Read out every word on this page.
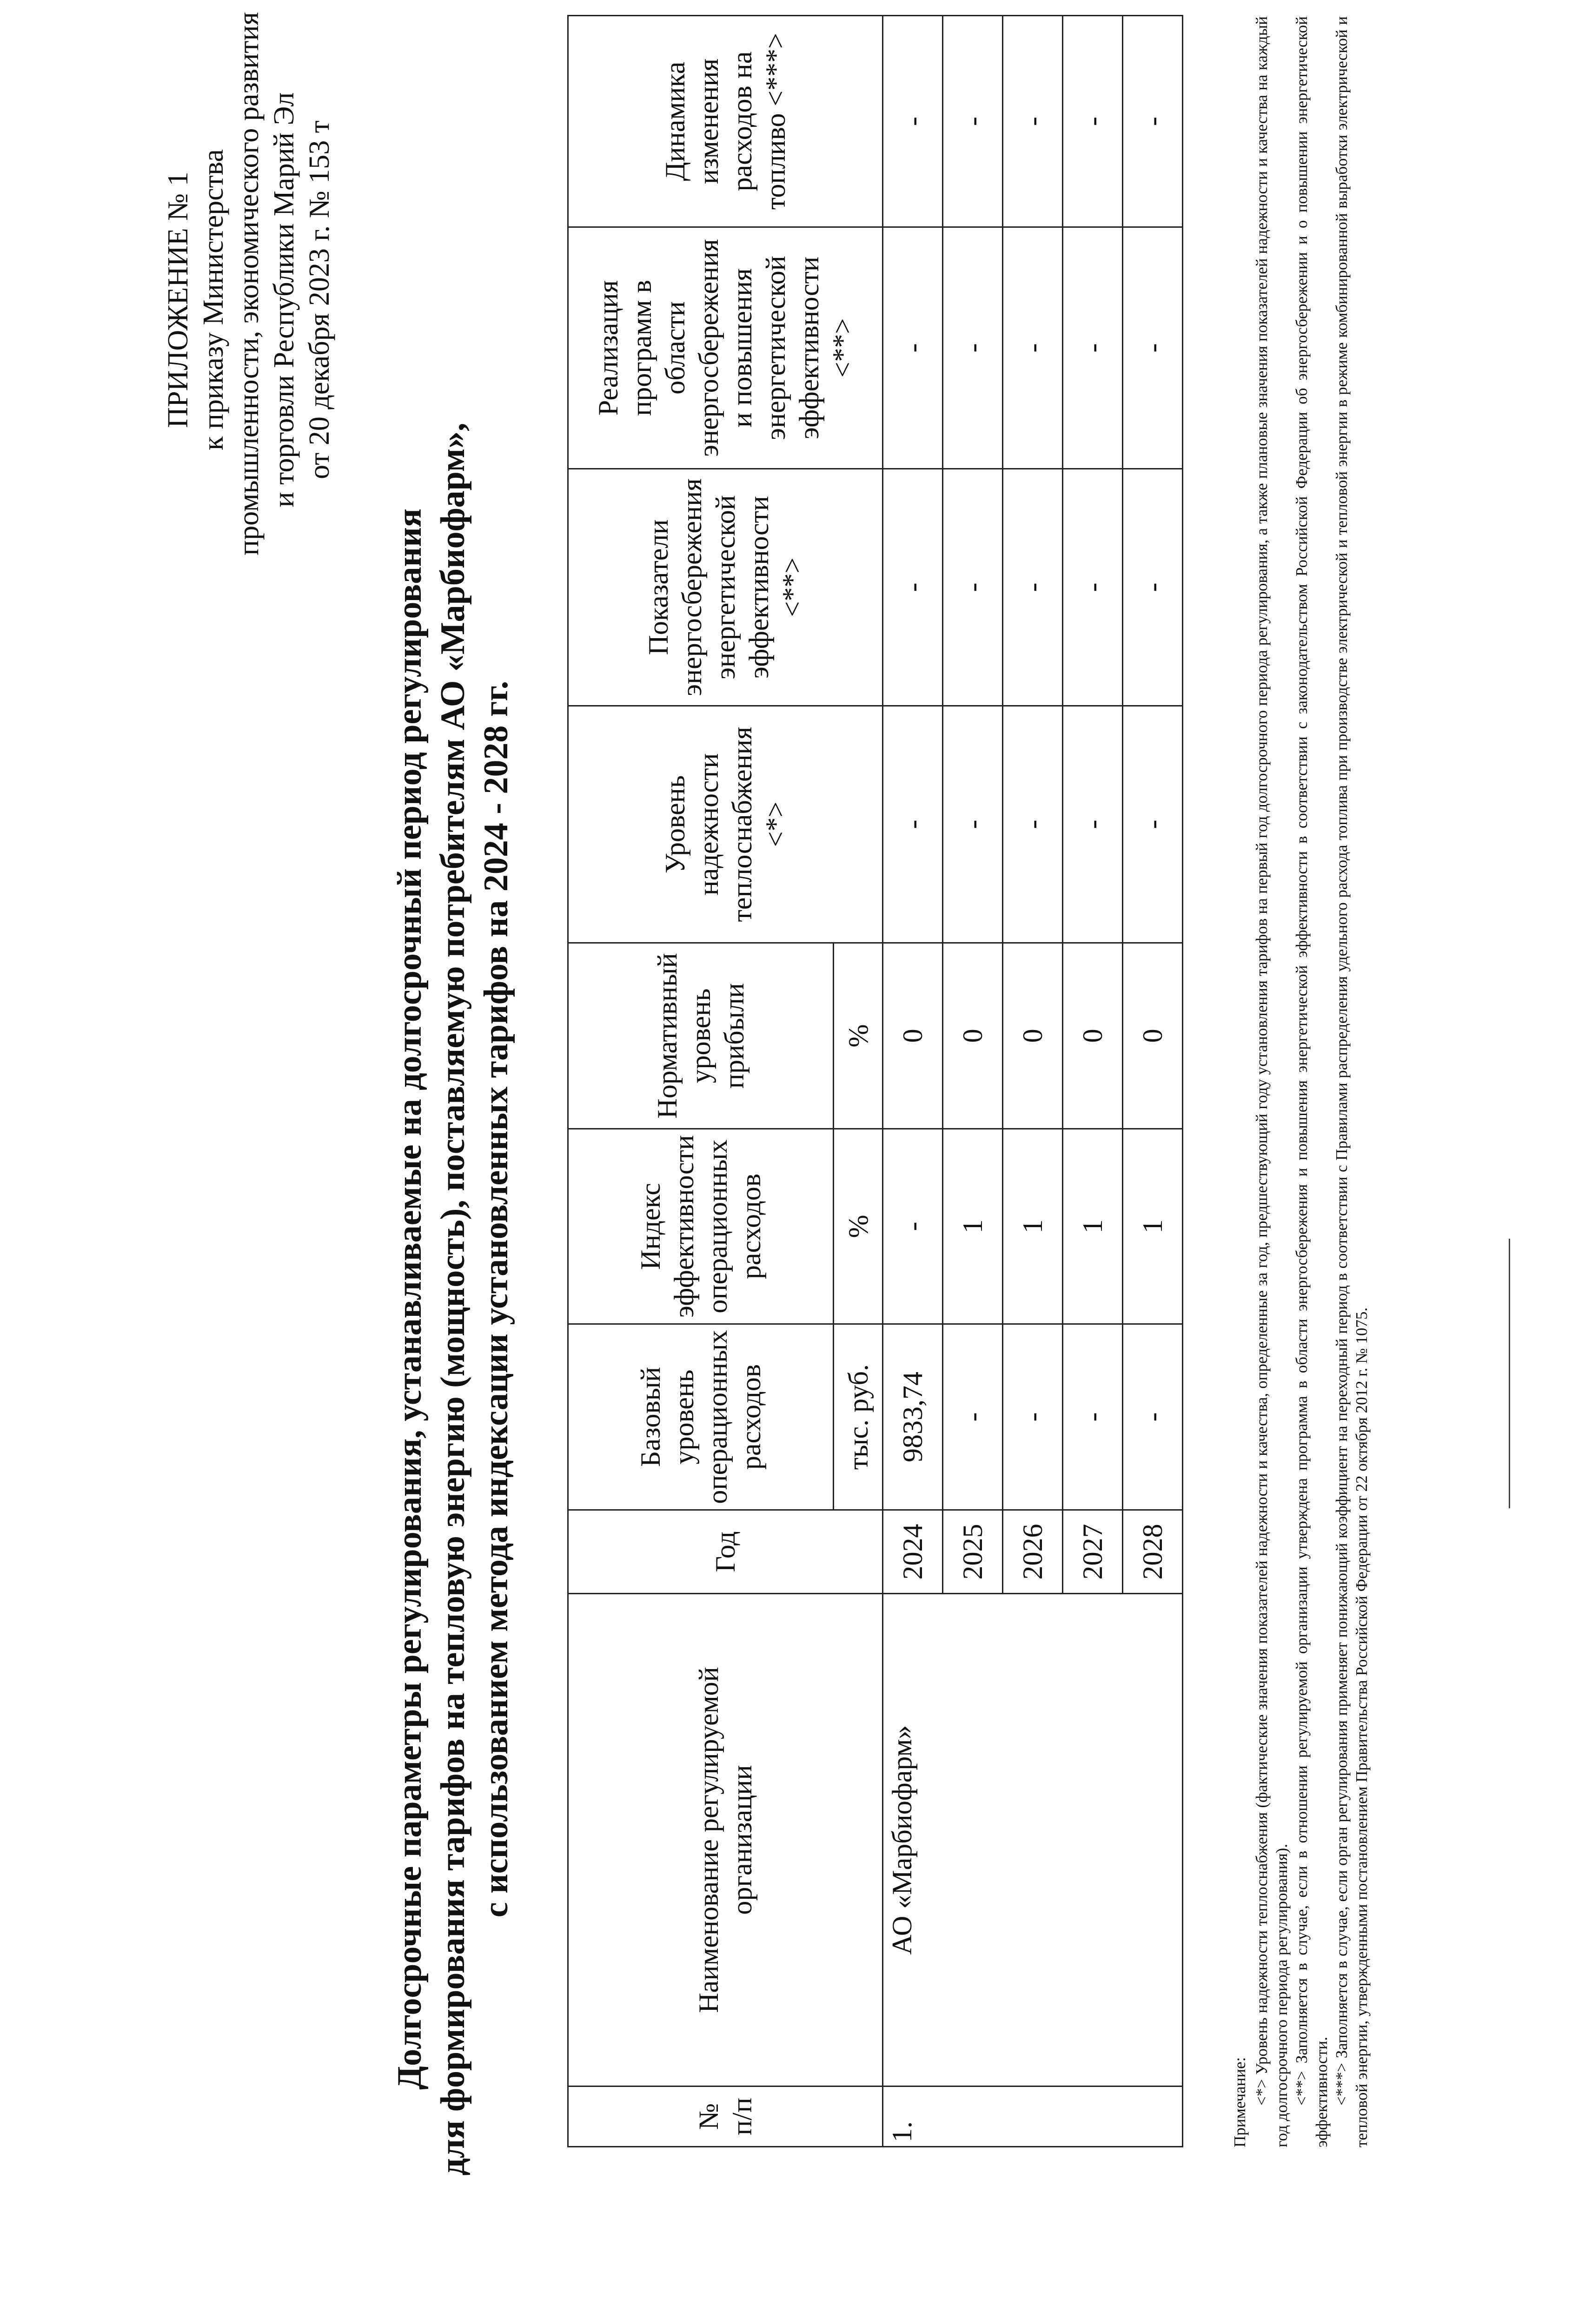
ПРИЛОЖЕНИЕ № 1 к приказу Министерства промышленности, экономического развития и торговли Республики Марий Эл от 20 декабря 2023 г. № 153 т
Долгосрочные параметры регулирования, устанавливаемые на долгосрочный период регулирования для формирования тарифов на тепловую энергию (мощность), поставляемую потребителям АО «Марбиофарм», с использованием метода индексации установленных тарифов на 2024 - 2028 гг.
№ п/п	Наименование регулируемой организации	Год	Базовый уровень операционных расходов	Индекс эффективности операционных расходов	Нормативный уровень прибыли	Уровень надежности теплоснабжения <*>	Показатели энергосбережения энергетической эффективности <**>	Реализация программ в области энергосбережения и повышения энергетической эффективности <**>	Динамика изменения расходов на топливо <***>
			тыс. руб.	%	%				
1.	АО «Марбиофарм»	2024	9833,74	-	0	-	-	-	-
		2025	-	1	0	-	-	-	-
		2026	-	1	0	-	-	-	-
		2027	-	1	0	-	-	-	-
		2028	-	1	0	-	-	-	-

Примечание: <*> Уровень надежности теплоснабжения (фактические значения показателей надежности и качества, определенные за год, предшествующий году установления тарифов на первый год долгосрочного периода регулирования, а также плановые значения показателей надежности и качества на каждый год долгосрочного периода регулирования). <**> Заполняется в случае, если в отношении регулируемой организации утверждена программа в области энергосбережения и повышения энергетической эффективности в соответствии с законодательством Российской Федерации об энергосбережении и о повышении энергетической эффективности. <***> Заполняется в случае, если орган регулирования применяет понижающий коэффициент на переходный период в соответствии с Правилами распределения удельного расхода топлива при производстве электрической и тепловой энергии в режиме комбинированной выработки электрической и тепловой энергии, утвержденными постановлением Правительства Российской Федерации от 22 октября 2012 г. № 1075.
